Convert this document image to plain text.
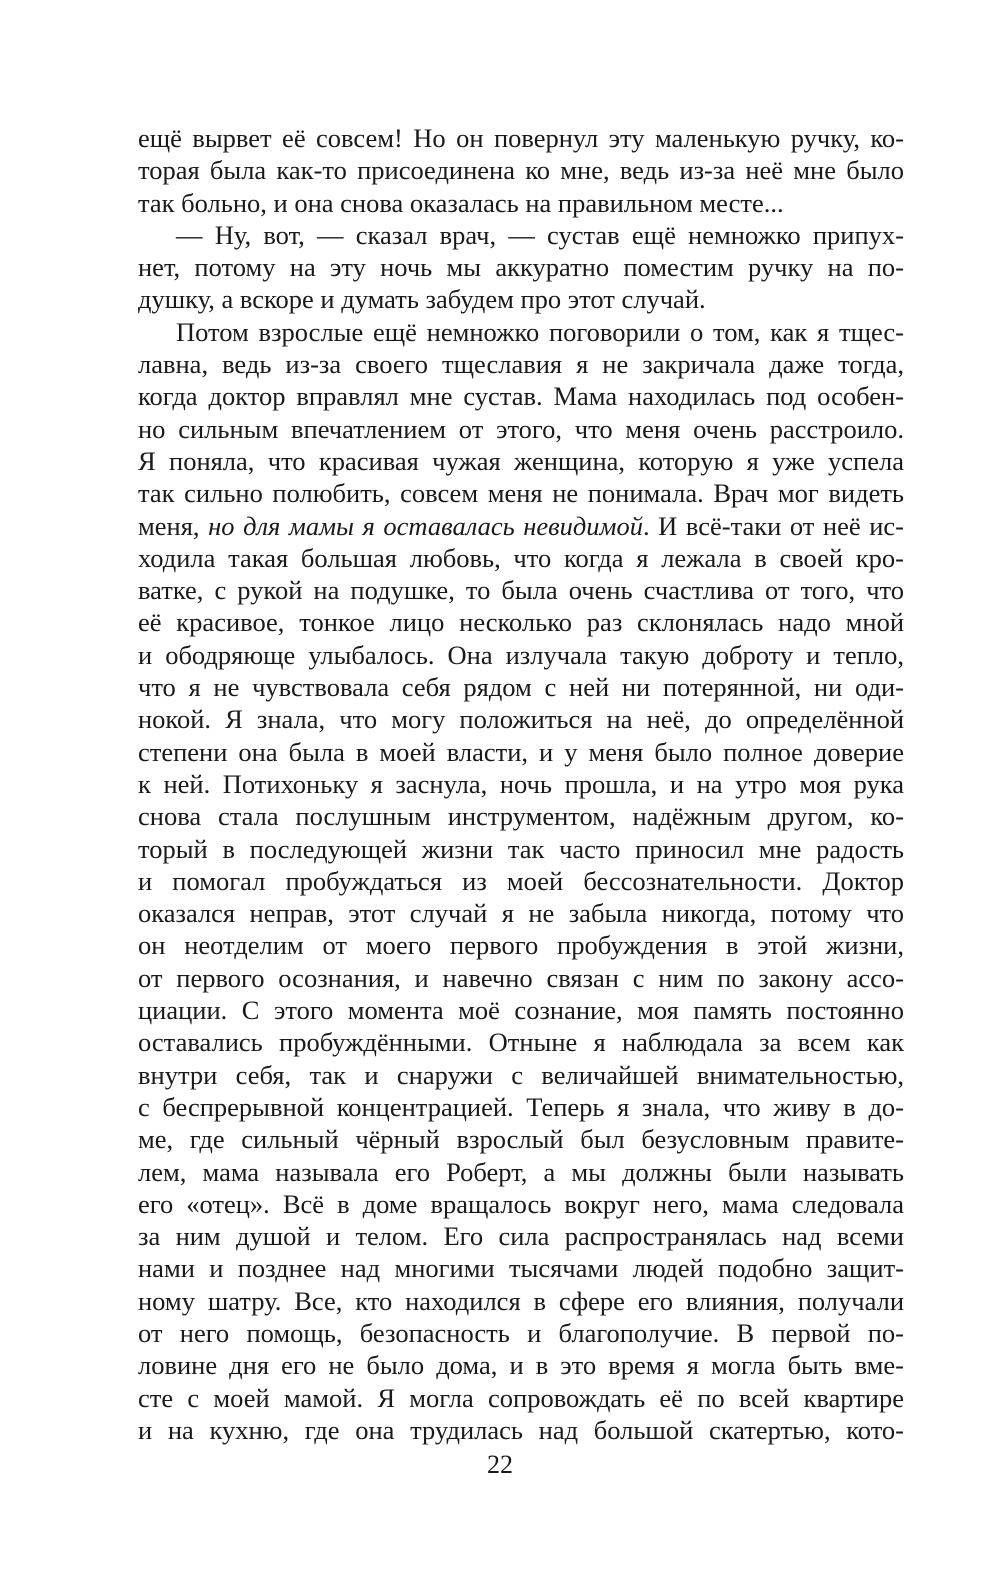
ещё вырвет её совсем! Но он повернул эту маленькую ручку, ко-
торая была как-то присоединена ко мне, ведь из-за неё мне было
так больно, и она снова оказалась на правильном месте...
— Ну, вот, — сказал врач, — сустав ещё немножко припух-
нет, потому на эту ночь мы аккуратно поместим ручку на по-
душку, а вскоре и думать забудем про этот случай.
Потом взрослые ещё немножко поговорили о том, как я тщес-
лавна, ведь из-за своего тщеславия я не закричала даже тогда,
когда доктор вправлял мне сустав. Мама находилась под особен-
но сильным впечатлением от этого, что меня очень расстроило.
Я поняла, что красивая чужая женщина, которую я уже успела
так сильно полюбить, совсем меня не понимала. Врач мог видеть
меня, но для мамы я оставалась невидимой. И всё-таки от неё ис-
ходила такая большая любовь, что когда я лежала в своей кро-
ватке, с рукой на подушке, то была очень счастлива от того, что
её красивое, тонкое лицо несколько раз склонялась надо мной
и ободряюще улыбалось. Она излучала такую доброту и тепло,
что я не чувствовала себя рядом с ней ни потерянной, ни оди-
нокой. Я знала, что могу положиться на неё, до определённой
степени она была в моей власти, и у меня было полное доверие
к ней. Потихоньку я заснула, ночь прошла, и на утро моя рука
снова стала послушным инструментом, надёжным другом, ко-
торый в последующей жизни так часто приносил мне радость
и помогал пробуждаться из моей бессознательности. Доктор
оказался неправ, этот случай я не забыла никогда, потому что
он неотделим от моего первого пробуждения в этой жизни,
от первого осознания, и навечно связан с ним по закону ассо-
циации. С этого момента моё сознание, моя память постоянно
оставались пробуждёнными. Отныне я наблюдала за всем как
внутри себя, так и снаружи с величайшей внимательностью,
с беспрерывной концентрацией. Теперь я знала, что живу в до-
ме, где сильный чёрный взрослый был безусловным правите-
лем, мама называла его Роберт, а мы должны были называть
его «отец». Всё в доме вращалось вокруг него, мама следовала
за ним душой и телом. Его сила распространялась над всеми
нами и позднее над многими тысячами людей подобно защит-
ному шатру. Все, кто находился в сфере его влияния, получали
от него помощь, безопасность и благополучие. В первой по-
ловине дня его не было дома, и в это время я могла быть вме-
сте с моей мамой. Я могла сопровождать её по всей квартире
и на кухню, где она трудилась над большой скатертью, кото-
22
